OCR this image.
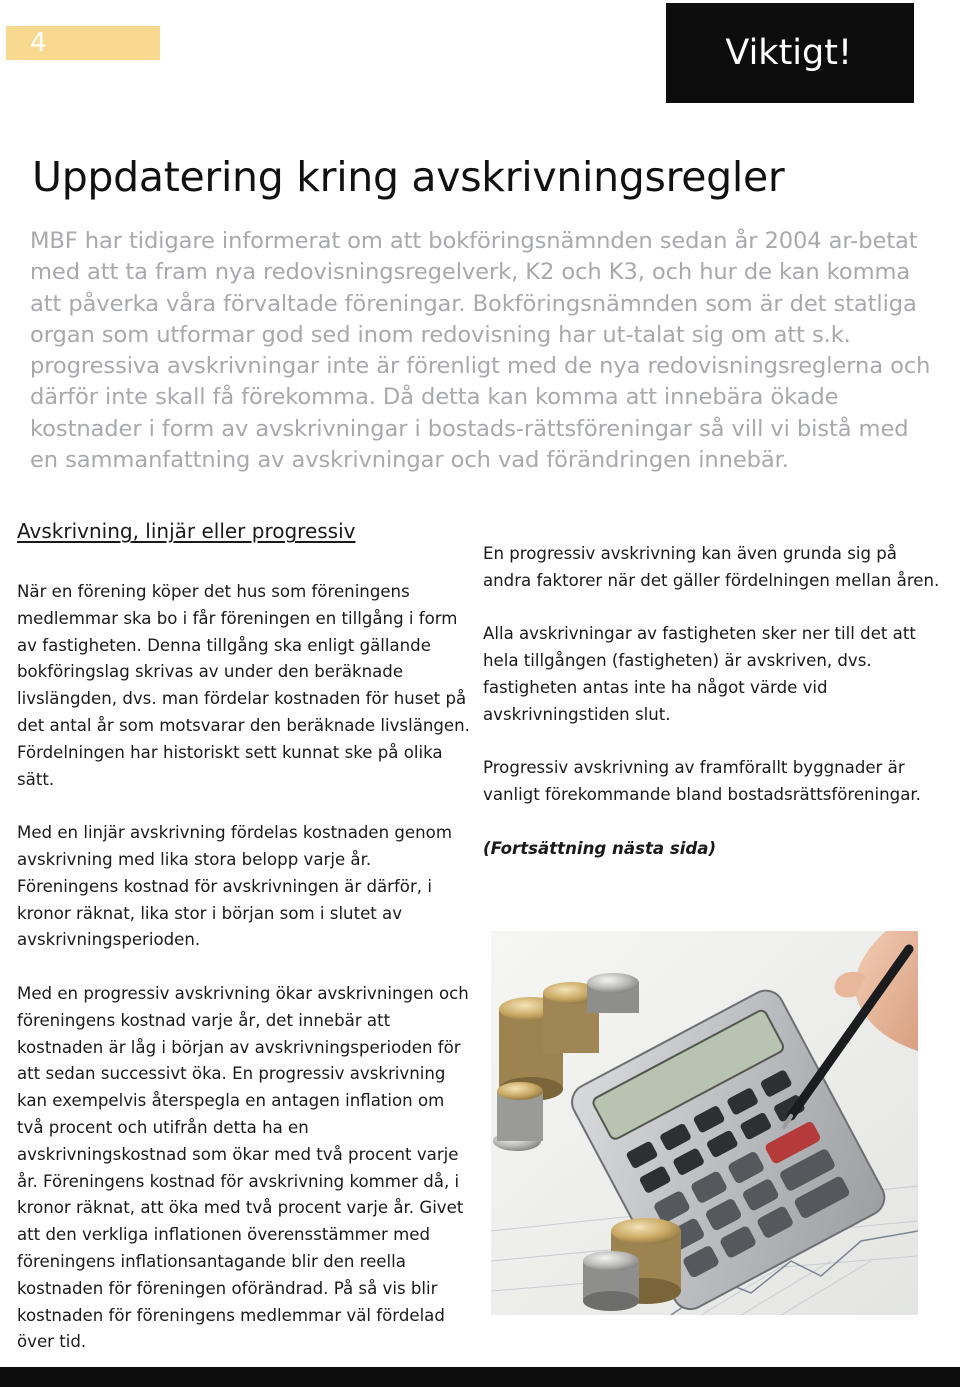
4	Viktigt!
Uppdatering kring avskrivningsregler

MBF har tidigare informerat om att bokföringsnämnden sedan år 2004 ar-betat med att ta fram nya redovisningsregelverk, K2 och K3, och hur de kan komma att påverka våra förvaltade föreningar. Bokföringsnämnden som är det statliga organ som utformar god sed inom redovisning har ut-talat sig om att s.k. progressiva avskrivningar inte är förenligt med de nya redovisningsreglerna och därför inte skall få förekomma. Då detta kan komma att innebära ökade kostnader i form av avskrivningar i bostads-rättsföreningar så vill vi bistå med en sammanfattning av avskrivningar och vad förändringen innebär.

Avskrivning, linjär eller progressiv

När en förening köper det hus som föreningens medlemmar ska bo i får föreningen en tillgång i form av fastigheten. Denna tillgång ska enligt gällande bokföringslag skrivas av under den beräknade livslängden, dvs. man fördelar kostnaden för huset på det antal år som motsvarar den beräknade livslängen. Fördelningen har historiskt sett kunnat ske på olika sätt.

Med en linjär avskrivning fördelas kostnaden genom avskrivning med lika stora belopp varje år. Föreningens kostnad för avskrivningen är därför, i kronor räknat, lika stor i början som i slutet av avskrivningsperioden.

Med en progressiv avskrivning ökar avskrivningen och föreningens kostnad varje år, det innebär att kostnaden är låg i början av avskrivningsperioden för att sedan successivt öka. En progressiv avskrivning kan exempelvis återspegla en antagen inflation om två procent och utifrån detta ha en avskrivningskostnad som ökar med två procent varje år. Föreningens kostnad för avskrivning kommer då, i kronor räknat, att öka med två procent varje år. Givet att den verkliga inflationen överensstämmer med föreningens inflationsantagande blir den reella kostnaden för föreningen oförändrad. På så vis blir kostnaden för föreningens medlemmar väl fördelad över tid.

En progressiv avskrivning kan även grunda sig på andra faktorer när det gäller fördelningen mellan åren.

Alla avskrivningar av fastigheten sker ner till det att hela tillgången (fastigheten) är avskriven, dvs. fastigheten antas inte ha något värde vid avskrivningstiden slut.

Progressiv avskrivning av framförallt byggnader är vanligt förekommande bland bostadsrättsföreningar.

(Fortsättning nästa sida)
